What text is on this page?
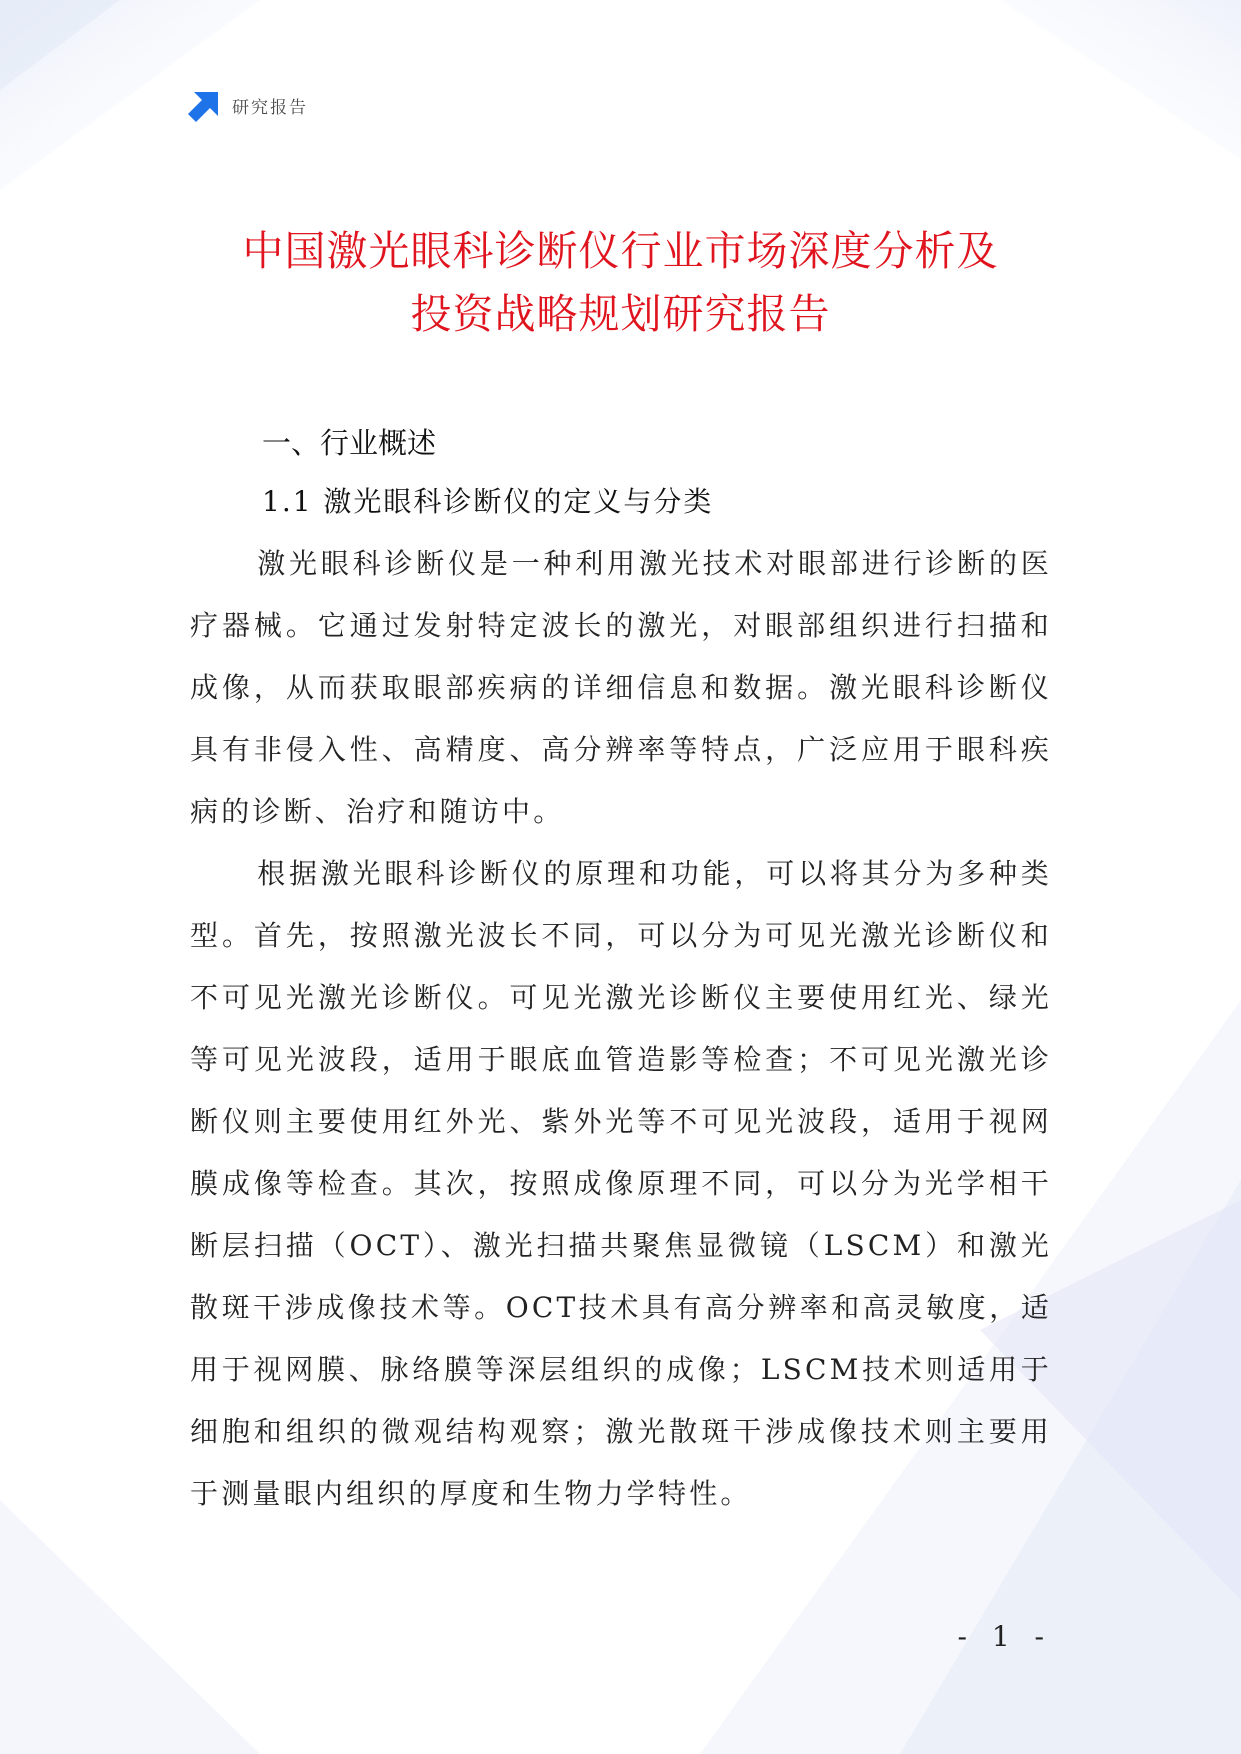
研究报告
中国激光眼科诊断仪行业市场深度分析及
投资战略规划研究报告
一、行业概述
1.1 激光眼科诊断仪的定义与分类

激光眼科诊断仪是一种利用激光技术对眼部进行诊断的医疗器械。它通过发射特定波长的激光，对眼部组织进行扫描和成像，从而获取眼部疾病的详细信息和数据。激光眼科诊断仪具有非侵入性、高精度、高分辨率等特点，广泛应用于眼科疾病的诊断、治疗和随访中。

根据激光眼科诊断仪的原理和功能，可以将其分为多种类型。首先，按照激光波长不同，可以分为可见光激光诊断仪和不可见光激光诊断仪。可见光激光诊断仪主要使用红光、绿光等可见光波段，适用于眼底血管造影等检查；不可见光激光诊断仪则主要使用红外光、紫外光等不可见光波段，适用于视网膜成像等检查。其次，按照成像原理不同，可以分为光学相干断层扫描（OCT）、激光扫描共聚焦显微镜（LSCM）和激光散斑干涉成像技术等。OCT技术具有高分辨率和高灵敏度，适用于视网膜、脉络膜等深层组织的成像；LSCM技术则适用于细胞和组织的微观结构观察；激光散斑干涉成像技术则主要用于测量眼内组织的厚度和生物力学特性。

- 1 -
